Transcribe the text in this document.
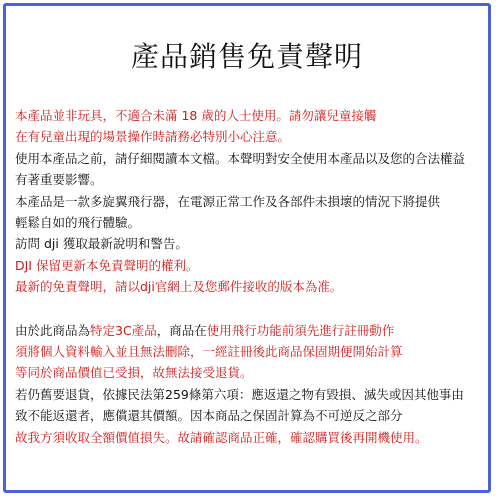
產品銷售免責聲明
本產品並非玩具，不適合未滿 18 歲的人士使用。請勿讓兒童接觸
在有兒童出現的場景操作時請務必特別小心注意。
使用本產品之前，請仔細閱讀本文檔。本聲明對安全使用本產品以及您的合法權益
有著重要影響。
本產品是一款多旋翼飛行器，在電源正常工作及各部件未損壞的情況下將提供
輕鬆自如的飛行體驗。
訪問 dji 獲取最新說明和警告。
DJI 保留更新本免責聲明的權利。
最新的免責聲明，請以dji官網上及您郵件接收的版本為准。
由於此商品為特定3C產品，商品在使用飛行功能前須先進行註冊動作
須將個人資料輸入並且無法刪除，一經註冊後此商品保固期便開始計算
等同於商品價值已受損，故無法接受退貨。
若仍舊要退貨，依據民法第259條第六項：應返還之物有毀損、滅失或因其他事由
致不能返還者，應償還其價額。因本商品之保固計算為不可逆反之部分
故我方須收取全額價值損失。故請確認商品正確，確認購買後再開機使用。
